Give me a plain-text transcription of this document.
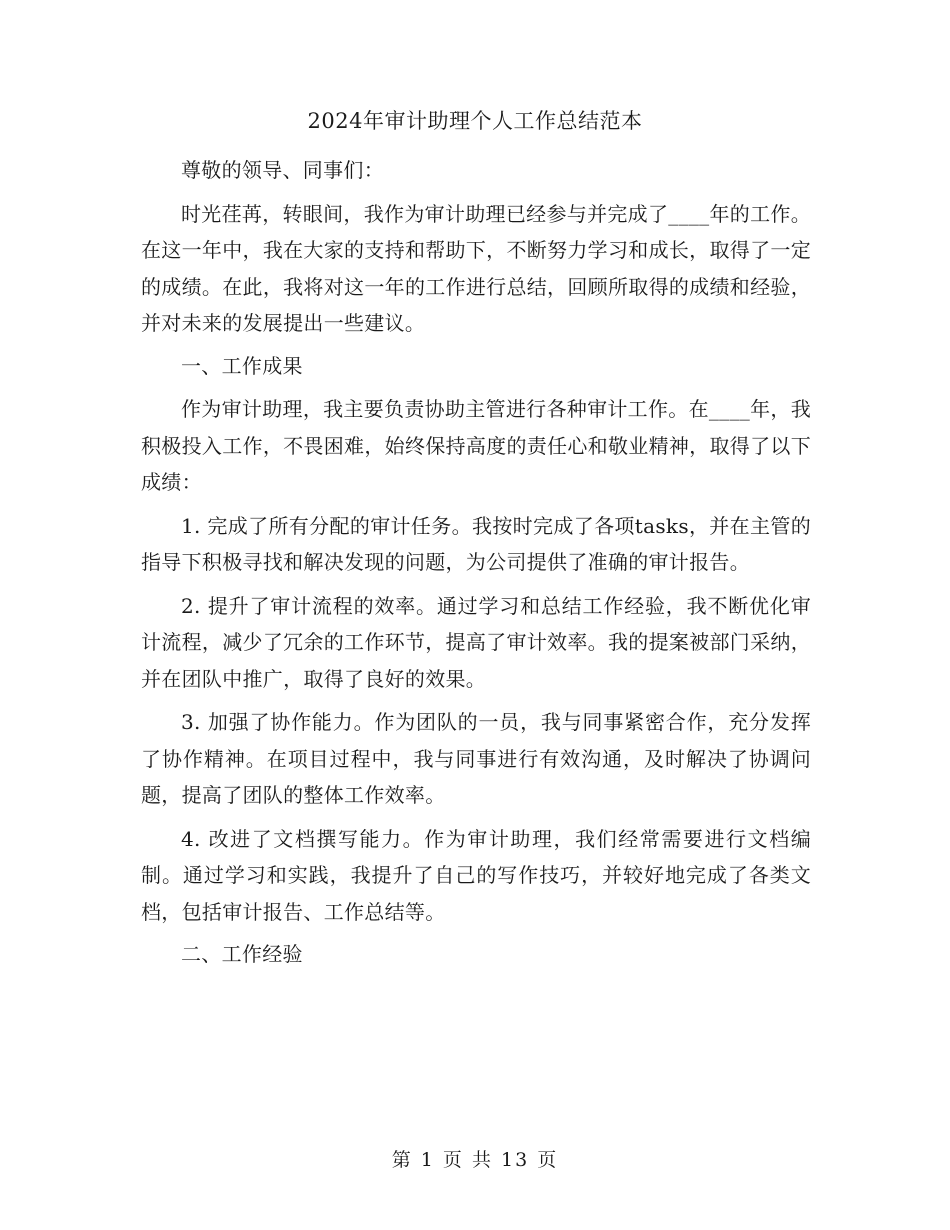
2024年审计助理个人工作总结范本

尊敬的领导、同事们：

时光荏苒，转眼间，我作为审计助理已经参与并完成了____年的工作。在这一年中，我在大家的支持和帮助下，不断努力学习和成长，取得了一定的成绩。在此，我将对这一年的工作进行总结，回顾所取得的成绩和经验，并对未来的发展提出一些建议。

一、工作成果

作为审计助理，我主要负责协助主管进行各种审计工作。在____年，我积极投入工作，不畏困难，始终保持高度的责任心和敬业精神，取得了以下成绩：

1. 完成了所有分配的审计任务。我按时完成了各项tasks，并在主管的指导下积极寻找和解决发现的问题，为公司提供了准确的审计报告。

2. 提升了审计流程的效率。通过学习和总结工作经验，我不断优化审计流程，减少了冗余的工作环节，提高了审计效率。我的提案被部门采纳，并在团队中推广，取得了良好的效果。

3. 加强了协作能力。作为团队的一员，我与同事紧密合作，充分发挥了协作精神。在项目过程中，我与同事进行有效沟通，及时解决了协调问题，提高了团队的整体工作效率。

4. 改进了文档撰写能力。作为审计助理，我们经常需要进行文档编制。通过学习和实践，我提升了自己的写作技巧，并较好地完成了各类文档，包括审计报告、工作总结等。

二、工作经验

第 1 页 共 13 页
